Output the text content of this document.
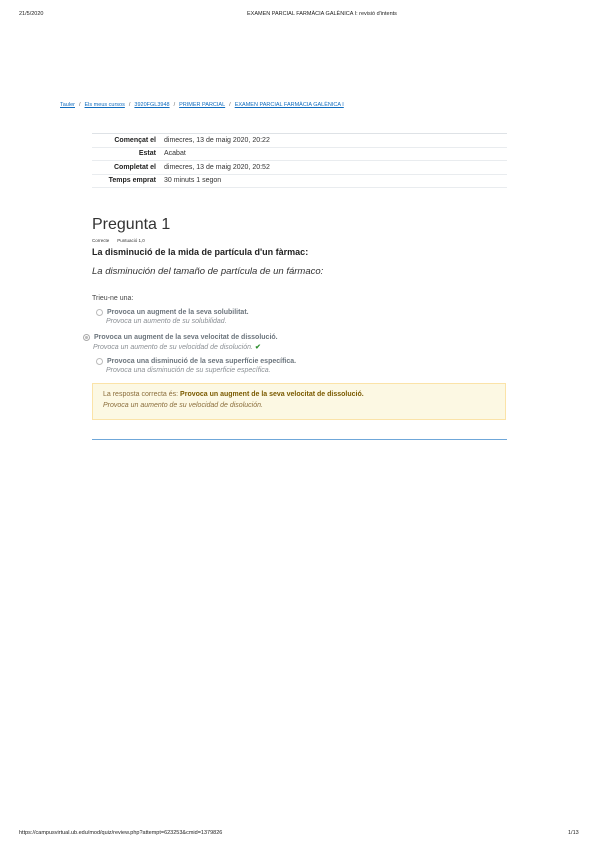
21/5/2020	EXAMEN PARCIAL FARMÀCIA GALÈNICA I: revisió d'intents
Tauler / Els meus cursos / 3920FGL3948 / PRIMER PARCIAL / EXAMEN PARCIAL FARMÀCIA GALÈNICA I
Començat el	dimecres, 13 de maig 2020, 20:22
Estat	Acabat
Completat el	dimecres, 13 de maig 2020, 20:52
Temps emprat	30 minuts 1 segon
Pregunta 1
Correcte Puntuació 1,0
La disminució de la mida de partícula d'un fàrmac:
La disminución del tamaño de partícula de un fármaco:
Trieu-ne una:
Provoca un augment de la seva solubilitat.
Provoca un aumento de su solubilidad.
Provoca un augment de la seva velocitat de dissolució.
Provoca un aumento de su velocidad de disolución. ✔
Provoca una disminució de la seva superfície específica.
Provoca una disminución de su superficie específica.
La resposta correcta és: Provoca un augment de la seva velocitat de dissolució.
Provoca un aumento de su velocidad de disolución.
https://campusvirtual.ub.edu/mod/quiz/review.php?attempt=623253&cmid=1379826	1/13
